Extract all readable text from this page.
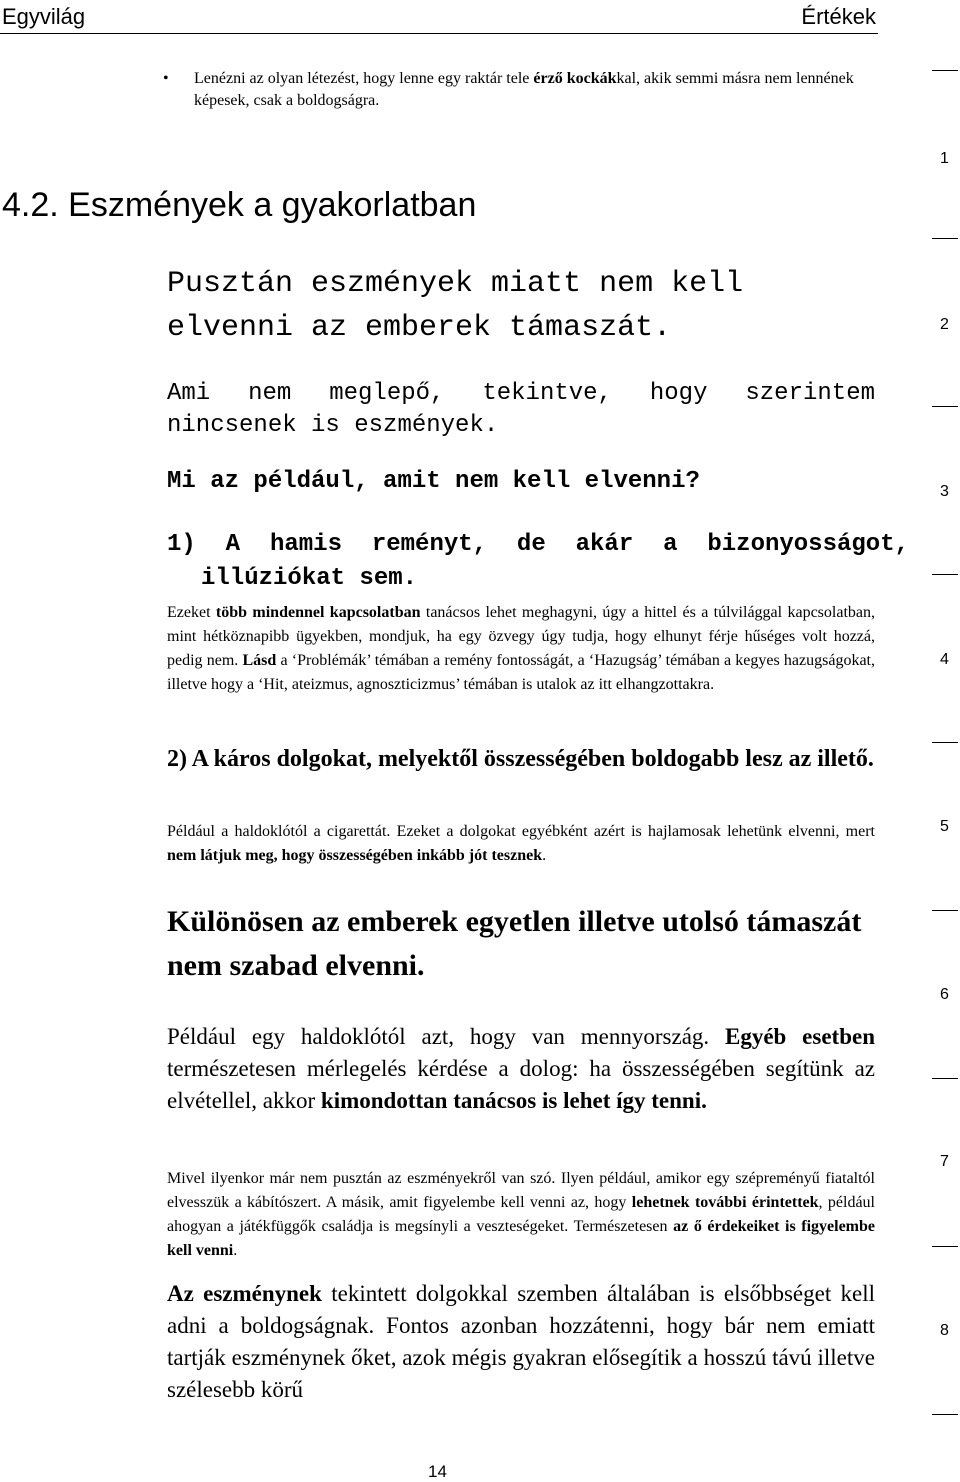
Egyvilág	Értékek
• Lenézni az olyan létezést, hogy lenne egy raktár tele érző kockákkal, akik semmi másra nem lennének képesek, csak a boldogságra.
4.2. Eszmények a gyakorlatban
Pusztán eszmények miatt nem kell elvenni az emberek támaszát.
Ami nem meglepő, tekintve, hogy szerintem nincsenek is eszmények.
Mi az például, amit nem kell elvenni?
1) A hamis reményt, de akár a bizonyosságot, illúziókat sem.
Ezeket több mindennel kapcsolatban tanácsos lehet meghagyni, úgy a hittel és a túlvilággal kapcsolatban, mint hétköznapibb ügyekben, mondjuk, ha egy özvegy úgy tudja, hogy elhunyt férje hűséges volt hozzá, pedig nem. Lásd a ‘Problémák’ témában a remény fontosságát, a ‘Hazugság’ témában a kegyes hazugságokat, illetve hogy a ‘Hit, ateizmus, agnoszticizmus’ témában is utalok az itt elhangzottakra.
2) A káros dolgokat, melyektől összességében boldogabb lesz az illető.
Például a haldoklótól a cigarettát. Ezeket a dolgokat egyébként azért is hajlamosak lehetünk elvenni, mert nem látjuk meg, hogy összességében inkább jót tesznek.
Különösen az emberek egyetlen illetve utolsó támaszát nem szabad elvenni.
Például egy haldoklótól azt, hogy van mennyország. Egyéb esetben természetesen mérlegelés kérdése a dolog: ha összességében segítünk az elvétellel, akkor kimondottan tanácsos is lehet így tenni.
Mivel ilyenkor már nem pusztán az eszményekről van szó. Ilyen például, amikor egy szépreményű fiataltól elvesszük a kábítószert. A másik, amit figyelembe kell venni az, hogy lehetnek további érintettek, például ahogyan a játékfüggők családja is megsínyli a veszteségeket. Természetesen az ő érdekeiket is figyelembe kell venni.
Az eszménynek tekintett dolgokkal szemben általában is elsőbbséget kell adni a boldogságnak. Fontos azonban hozzátenni, hogy bár nem emiatt tartják eszménynek őket, azok mégis gyakran elősegítik a hosszú távú illetve szélesebb körű
1
2
3
4
5
6
7
8
14
